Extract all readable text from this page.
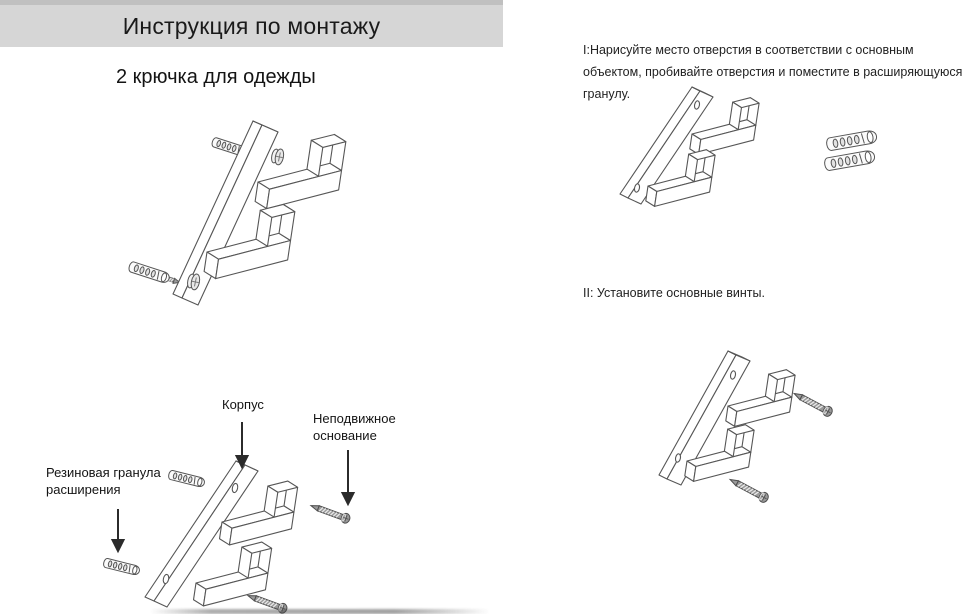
Инструкция по монтажу
2 крючка для одежды
Корпус
Неподвижное основание
Резиновая гранула расширения

I:Нарисуйте место отверстия в соответствии с основным объектом, пробивайте отверстия и поместите в расширяющуюся гранулу.

II: Установите основные винты.
